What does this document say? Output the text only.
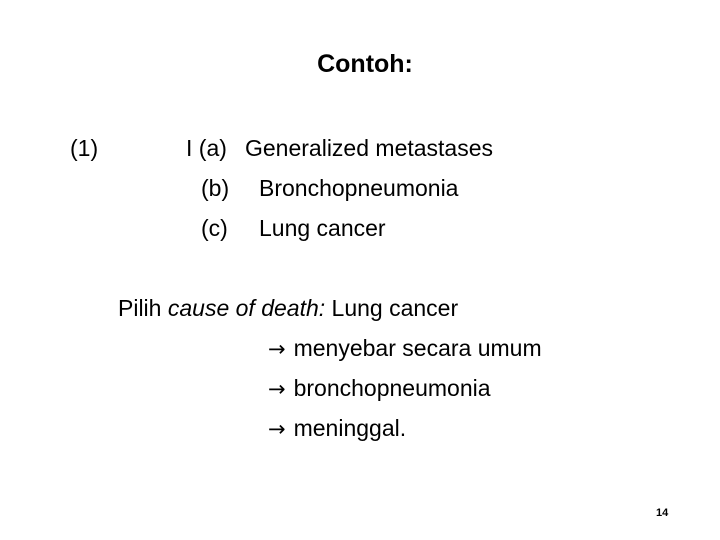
Contoh:
(1)	I (a) Generalized metastases
(b) Bronchopneumonia
(c) Lung cancer
Pilih cause of death: Lung cancer
→ menyebar secara umum
→ bronchopneumonia
→ meninggal.
14
